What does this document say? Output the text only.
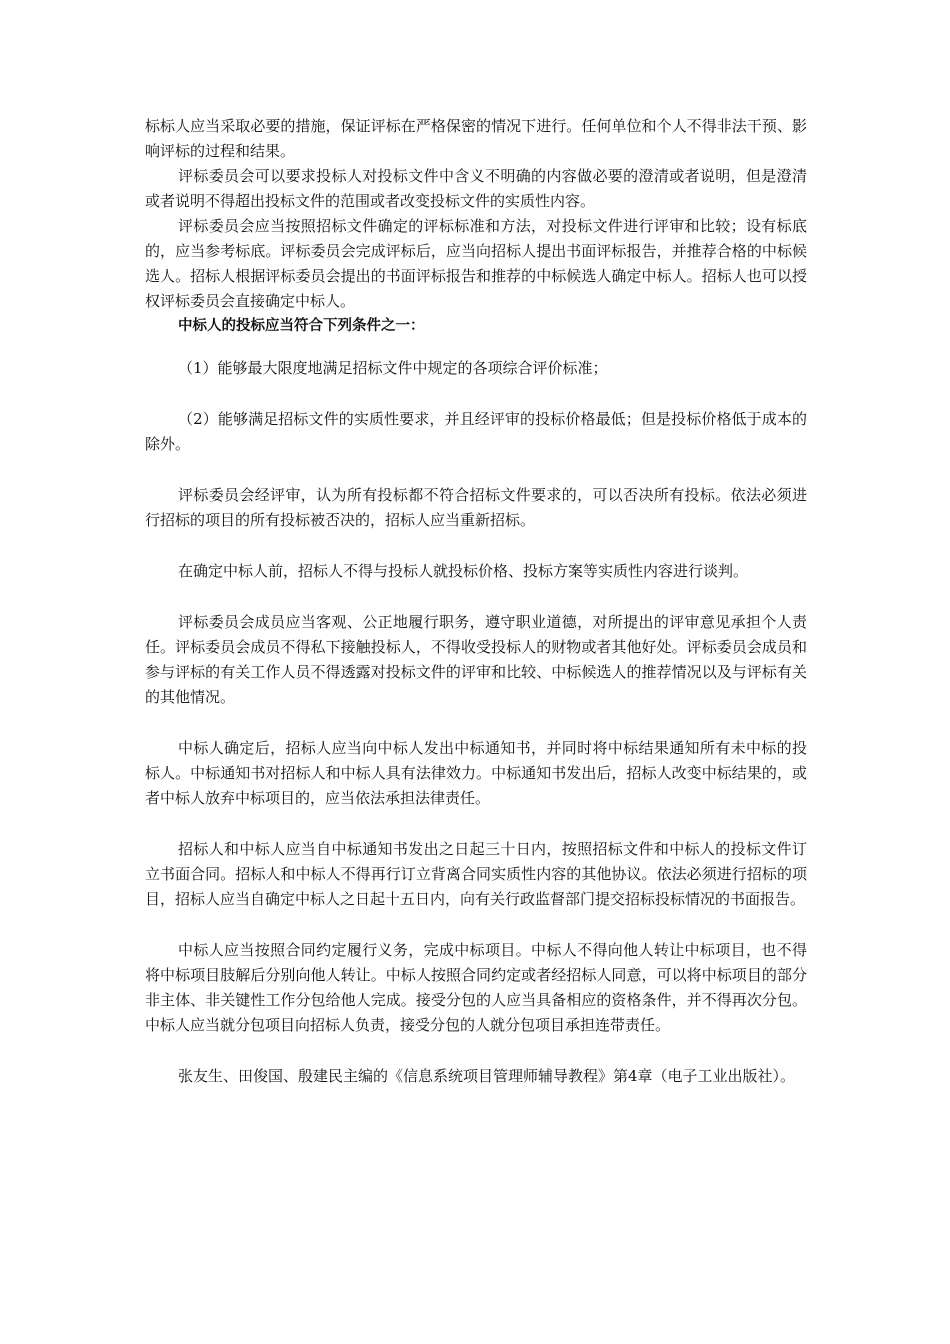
标标人应当采取必要的措施，保证评标在严格保密的情况下进行。任何单位和个人不得非法干预、影响评标的过程和结果。

评标委员会可以要求投标人对投标文件中含义不明确的内容做必要的澄清或者说明，但是澄清或者说明不得超出投标文件的范围或者改变投标文件的实质性内容。

评标委员会应当按照招标文件确定的评标标准和方法，对投标文件进行评审和比较；设有标底的，应当参考标底。评标委员会完成评标后，应当向招标人提出书面评标报告，并推荐合格的中标候选人。招标人根据评标委员会提出的书面评标报告和推荐的中标候选人确定中标人。招标人也可以授权评标委员会直接确定中标人。

中标人的投标应当符合下列条件之一：

（1）能够最大限度地满足招标文件中规定的各项综合评价标准；

（2）能够满足招标文件的实质性要求，并且经评审的投标价格最低；但是投标价格低于成本的除外。

评标委员会经评审，认为所有投标都不符合招标文件要求的，可以否决所有投标。依法必须进行招标的项目的所有投标被否决的，招标人应当重新招标。

在确定中标人前，招标人不得与投标人就投标价格、投标方案等实质性内容进行谈判。

评标委员会成员应当客观、公正地履行职务，遵守职业道德，对所提出的评审意见承担个人责任。评标委员会成员不得私下接触投标人，不得收受投标人的财物或者其他好处。评标委员会成员和参与评标的有关工作人员不得透露对投标文件的评审和比较、中标候选人的推荐情况以及与评标有关的其他情况。

中标人确定后，招标人应当向中标人发出中标通知书，并同时将中标结果通知所有未中标的投标人。中标通知书对招标人和中标人具有法律效力。中标通知书发出后，招标人改变中标结果的，或者中标人放弃中标项目的，应当依法承担法律责任。

招标人和中标人应当自中标通知书发出之日起三十日内，按照招标文件和中标人的投标文件订立书面合同。招标人和中标人不得再行订立背离合同实质性内容的其他协议。依法必须进行招标的项目，招标人应当自确定中标人之日起十五日内，向有关行政监督部门提交招标投标情况的书面报告。

中标人应当按照合同约定履行义务，完成中标项目。中标人不得向他人转让中标项目，也不得将中标项目肢解后分别向他人转让。中标人按照合同约定或者经招标人同意，可以将中标项目的部分非主体、非关键性工作分包给他人完成。接受分包的人应当具备相应的资格条件，并不得再次分包。中标人应当就分包项目向招标人负责，接受分包的人就分包项目承担连带责任。

张友生、田俊国、殷建民主编的《信息系统项目管理师辅导教程》第4章（电子工业出版社）。
